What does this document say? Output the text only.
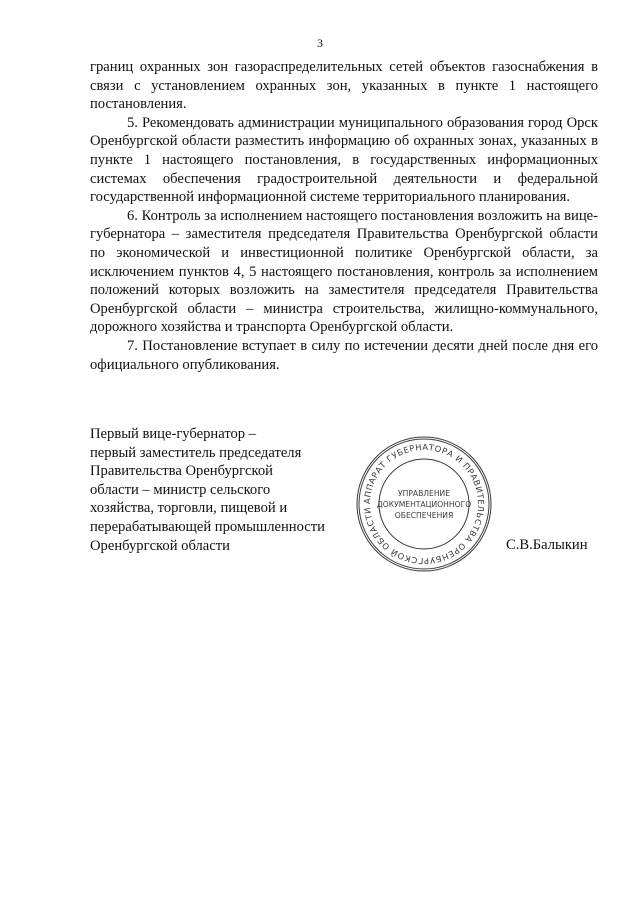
3

границ охранных зон газораспределительных сетей объектов газоснабжения в связи с установлением охранных зон, указанных в пункте 1 настоящего постановления.

5. Рекомендовать администрации муниципального образования город Орск Оренбургской области разместить информацию об охранных зонах, указанных в пункте 1 настоящего постановления, в государственных информационных системах обеспечения градостроительной деятельности и федеральной государственной информационной системе территориального планирования.

6. Контроль за исполнением настоящего постановления возложить на вице-губернатора – заместителя председателя Правительства Оренбургской области по экономической и инвестиционной политике Оренбургской области, за исключением пунктов 4, 5 настоящего постановления, контроль за исполнением положений которых возложить на заместителя председателя Правительства Оренбургской области – министра строительства, жилищно-коммунального, дорожного хозяйства и транспорта Оренбургской области.

7. Постановление вступает в силу по истечении десяти дней после дня его официального опубликования.

Первый вице-губернатор –
первый заместитель председателя
Правительства Оренбургской
области – министр сельского
хозяйства, торговли, пищевой и
перерабатывающей промышленности
Оренбургской области
АППАРАТ ГУБЕРНАТОРА И ПРАВИТЕЛЬСТВА ОРЕНБУРГСКОЙ ОБЛАСТИ
УПРАВЛЕНИЕ
ДОКУМЕНТАЦИОННОГО
ОБЕСПЕЧЕНИЯ
С.В.Балыкин
